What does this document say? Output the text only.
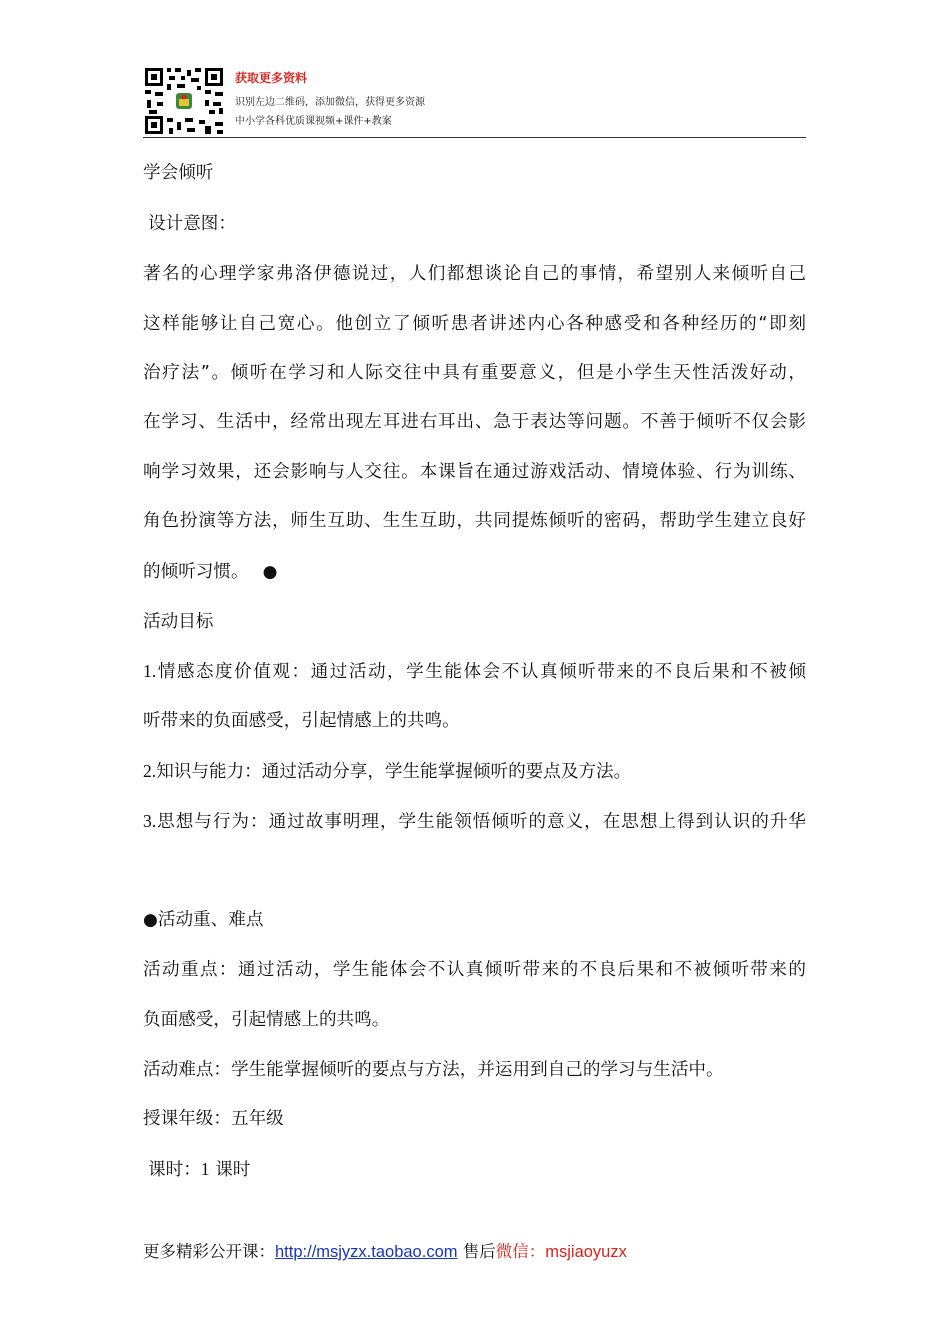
获取更多资料
识别左边二维码，添加微信，获得更多资源
中小学各科优质课视频+课件+教案
学会倾听
设计意图：
著名的心理学家弗洛伊德说过，人们都想谈论自己的事情，希望别人来倾听自己
这样能够让自己宽心。他创立了倾听患者讲述内心各种感受和各种经历的“即刻
治疗法”。倾听在学习和人际交往中具有重要意义，但是小学生天性活泼好动，
在学习、生活中，经常出现左耳进右耳出、急于表达等问题。不善于倾听不仅会影
响学习效果，还会影响与人交往。本课旨在通过游戏活动、情境体验、行为训练、
角色扮演等方法，师生互助、生生互助，共同提炼倾听的密码，帮助学生建立良好
的倾听习惯。 ●
活动目标
1.情感态度价值观：通过活动，学生能体会不认真倾听带来的不良后果和不被倾
听带来的负面感受，引起情感上的共鸣。
2.知识与能力：通过活动分享，学生能掌握倾听的要点及方法。
3.思想与行为：通过故事明理，学生能领悟倾听的意义，在思想上得到认识的升华
●活动重、难点
活动重点：通过活动，学生能体会不认真倾听带来的不良后果和不被倾听带来的
负面感受，引起情感上的共鸣。
活动难点：学生能掌握倾听的要点与方法，并运用到自己的学习与生活中。
授课年级：五年级
课时：1 课时
更多精彩公开课：http://msjyzx.taobao.com 售后微信：msjiaoyuzx
